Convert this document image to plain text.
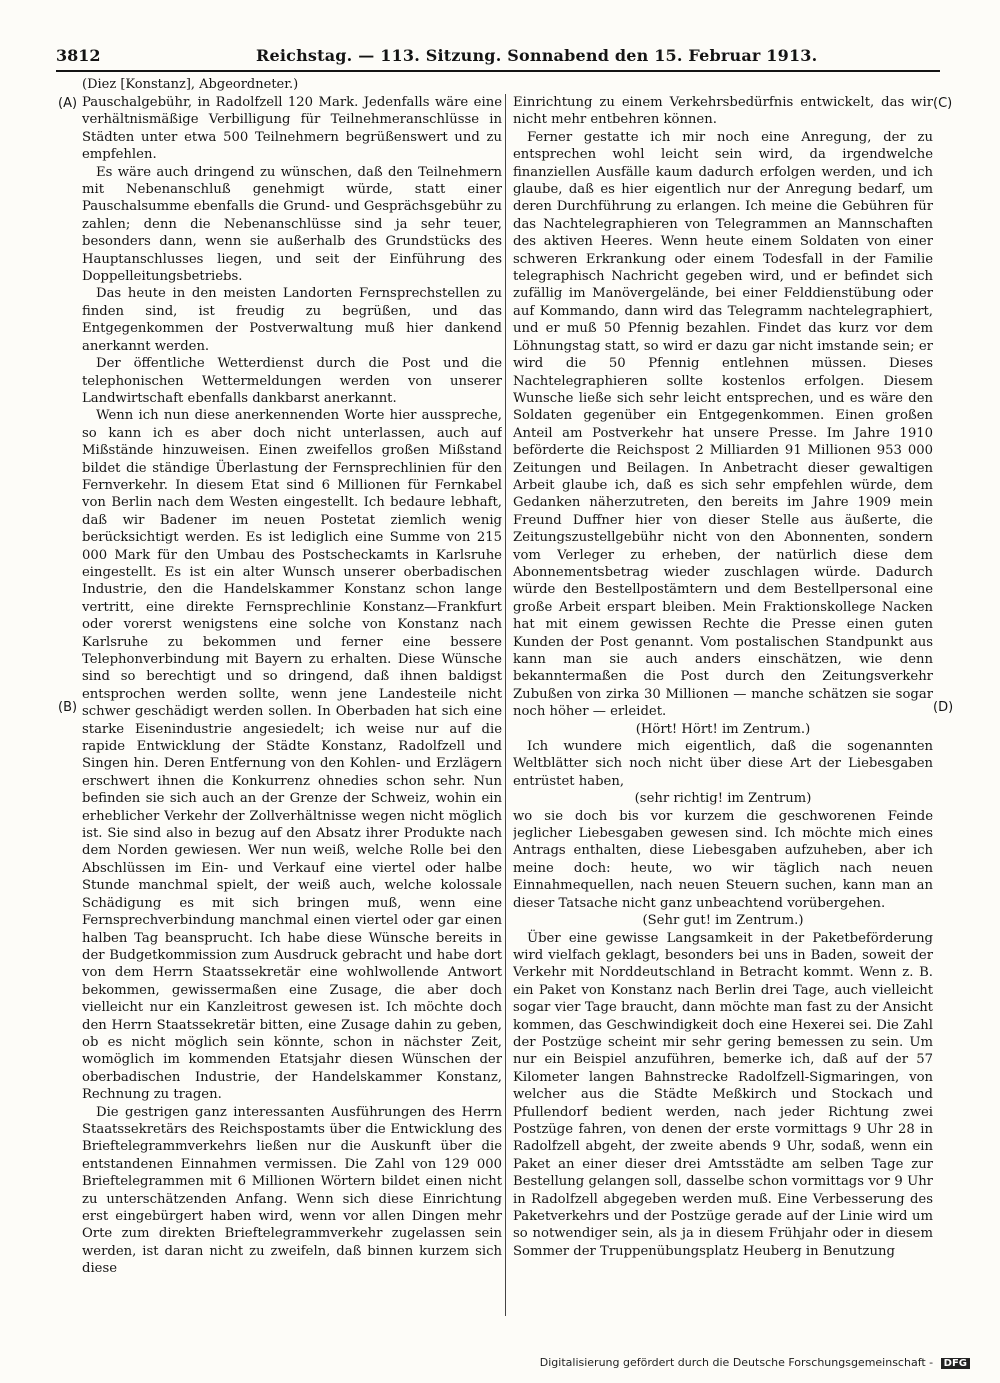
3812	Reichstag. — 113. Sitzung. Sonnabend den 15. Februar 1913.
(Diez [Konstanz], Abgeordneter.)
(A)
(B)
(C)
(D)

Pauschalgebühr, in Radolfzell 120 Mark. Jedenfalls wäre eine verhältnismäßige Verbilligung für Teilnehmeranschlüsse in Städten unter etwa 500 Teilnehmern begrüßenswert und zu empfehlen.

Es wäre auch dringend zu wünschen, daß den Teilnehmern mit Nebenanschluß genehmigt würde, statt einer Pauschalsumme ebenfalls die Grund- und Gesprächsgebühr zu zahlen; denn die Nebenanschlüsse sind ja sehr teuer, besonders dann, wenn sie außerhalb des Grundstücks des Hauptanschlusses liegen, und seit der Einführung des Doppelleitungsbetriebs.

Das heute in den meisten Landorten Fernsprechstellen zu finden sind, ist freudig zu begrüßen, und das Entgegenkommen der Postverwaltung muß hier dankend anerkannt werden.

Der öffentliche Wetterdienst durch die Post und die telephonischen Wettermeldungen werden von unserer Landwirtschaft ebenfalls dankbarst anerkannt.

Wenn ich nun diese anerkennenden Worte hier ausspreche, so kann ich es aber doch nicht unterlassen, auch auf Mißstände hinzuweisen. Einen zweifellos großen Mißstand bildet die ständige Überlastung der Fernsprechlinien für den Fernverkehr. In diesem Etat sind 6 Millionen für Fernkabel von Berlin nach dem Westen eingestellt. Ich bedaure lebhaft, daß wir Badener im neuen Postetat ziemlich wenig berücksichtigt werden. Es ist lediglich eine Summe von 215 000 Mark für den Umbau des Postscheckamts in Karlsruhe eingestellt. Es ist ein alter Wunsch unserer oberbadischen Industrie, den die Handelskammer Konstanz schon lange vertritt, eine direkte Fernsprechlinie Konstanz—Frankfurt oder vorerst wenigstens eine solche von Konstanz nach Karlsruhe zu bekommen und ferner eine bessere Telephonverbindung mit Bayern zu erhalten. Diese Wünsche sind so berechtigt und so dringend, daß ihnen baldigst entsprochen werden sollte, wenn jene Landesteile nicht schwer geschädigt werden sollen. In Oberbaden hat sich eine starke Eisenindustrie angesiedelt; ich weise nur auf die rapide Entwicklung der Städte Konstanz, Radolfzell und Singen hin. Deren Entfernung von den Kohlen- und Erzlägern erschwert ihnen die Konkurrenz ohnedies schon sehr. Nun befinden sie sich auch an der Grenze der Schweiz, wohin ein erheblicher Verkehr der Zollverhältnisse wegen nicht möglich ist. Sie sind also in bezug auf den Absatz ihrer Produkte nach dem Norden gewiesen. Wer nun weiß, welche Rolle bei den Abschlüssen im Ein- und Verkauf eine viertel oder halbe Stunde manchmal spielt, der weiß auch, welche kolossale Schädigung es mit sich bringen muß, wenn eine Fernsprechverbindung manchmal einen viertel oder gar einen halben Tag beansprucht. Ich habe diese Wünsche bereits in der Budgetkommission zum Ausdruck gebracht und habe dort von dem Herrn Staatssekretär eine wohlwollende Antwort bekommen, gewissermaßen eine Zusage, die aber doch vielleicht nur ein Kanzleitrost gewesen ist. Ich möchte doch den Herrn Staatssekretär bitten, eine Zusage dahin zu geben, ob es nicht möglich sein könnte, schon in nächster Zeit, womöglich im kommenden Etatsjahr diesen Wünschen der oberbadischen Industrie, der Handelskammer Konstanz, Rechnung zu tragen.

Die gestrigen ganz interessanten Ausführungen des Herrn Staatssekretärs des Reichspostamts über die Entwicklung des Brieftelegrammverkehrs ließen nur die Auskunft über die entstandenen Einnahmen vermissen. Die Zahl von 129 000 Brieftelegrammen mit 6 Millionen Wörtern bildet einen nicht zu unterschätzenden Anfang. Wenn sich diese Einrichtung erst eingebürgert haben wird, wenn vor allen Dingen mehr Orte zum direkten Brieftelegrammverkehr zugelassen sein werden, ist daran nicht zu zweifeln, daß binnen kurzem sich diese

Einrichtung zu einem Verkehrsbedürfnis entwickelt, das wir nicht mehr entbehren können.

Ferner gestatte ich mir noch eine Anregung, der zu entsprechen wohl leicht sein wird, da irgendwelche finanziellen Ausfälle kaum dadurch erfolgen werden, und ich glaube, daß es hier eigentlich nur der Anregung bedarf, um deren Durchführung zu erlangen. Ich meine die Gebühren für das Nachtelegraphieren von Telegrammen an Mannschaften des aktiven Heeres. Wenn heute einem Soldaten von einer schweren Erkrankung oder einem Todesfall in der Familie telegraphisch Nachricht gegeben wird, und er befindet sich zufällig im Manövergelände, bei einer Felddienstübung oder auf Kommando, dann wird das Telegramm nachtelegraphiert, und er muß 50 Pfennig bezahlen. Findet das kurz vor dem Löhnungstag statt, so wird er dazu gar nicht imstande sein; er wird die 50 Pfennig entlehnen müssen. Dieses Nachtelegraphieren sollte kostenlos erfolgen. Diesem Wunsche ließe sich sehr leicht entsprechen, und es wäre den Soldaten gegenüber ein Entgegenkommen. Einen großen Anteil am Postverkehr hat unsere Presse. Im Jahre 1910 beförderte die Reichspost 2 Milliarden 91 Millionen 953 000 Zeitungen und Beilagen. In Anbetracht dieser gewaltigen Arbeit glaube ich, daß es sich sehr empfehlen würde, dem Gedanken näherzutreten, den bereits im Jahre 1909 mein Freund Duffner hier von dieser Stelle aus äußerte, die Zeitungszustellgebühr nicht von den Abonnenten, sondern vom Verleger zu erheben, der natürlich diese dem Abonnementsbetrag wieder zuschlagen würde. Dadurch würde den Bestellpostämtern und dem Bestellpersonal eine große Arbeit erspart bleiben. Mein Fraktionskollege Nacken hat mit einem gewissen Rechte die Presse einen guten Kunden der Post genannt. Vom postalischen Standpunkt aus kann man sie auch anders einschätzen, wie denn bekanntermaßen die Post durch den Zeitungsverkehr Zubußen von zirka 30 Millionen — manche schätzen sie sogar noch höher — erleidet.

(Hört! Hört! im Zentrum.)

Ich wundere mich eigentlich, daß die sogenannten Weltblätter sich noch nicht über diese Art der Liebesgaben entrüstet haben,

(sehr richtig! im Zentrum)

wo sie doch bis vor kurzem die geschworenen Feinde jeglicher Liebesgaben gewesen sind. Ich möchte mich eines Antrags enthalten, diese Liebesgaben aufzuheben, aber ich meine doch: heute, wo wir täglich nach neuen Einnahmequellen, nach neuen Steuern suchen, kann man an dieser Tatsache nicht ganz unbeachtend vorübergehen.

(Sehr gut! im Zentrum.)

Über eine gewisse Langsamkeit in der Paketbeförderung wird vielfach geklagt, besonders bei uns in Baden, soweit der Verkehr mit Norddeutschland in Betracht kommt. Wenn z. B. ein Paket von Konstanz nach Berlin drei Tage, auch vielleicht sogar vier Tage braucht, dann möchte man fast zu der Ansicht kommen, das Geschwindigkeit doch eine Hexerei sei. Die Zahl der Postzüge scheint mir sehr gering bemessen zu sein. Um nur ein Beispiel anzuführen, bemerke ich, daß auf der 57 Kilometer langen Bahnstrecke Radolfzell-Sigmaringen, von welcher aus die Städte Meßkirch und Stockach und Pfullendorf bedient werden, nach jeder Richtung zwei Postzüge fahren, von denen der erste vormittags 9 Uhr 28 in Radolfzell abgeht, der zweite abends 9 Uhr, sodaß, wenn ein Paket an einer dieser drei Amtsstädte am selben Tage zur Bestellung gelangen soll, dasselbe schon vormittags vor 9 Uhr in Radolfzell abgegeben werden muß. Eine Verbesserung des Paketverkehrs und der Postzüge gerade auf der Linie wird um so notwendiger sein, als ja in diesem Frühjahr oder in diesem Sommer der Truppenübungsplatz Heuberg in Benutzung

Digitalisierung gefördert durch die Deutsche Forschungsgemeinschaft - DFG
